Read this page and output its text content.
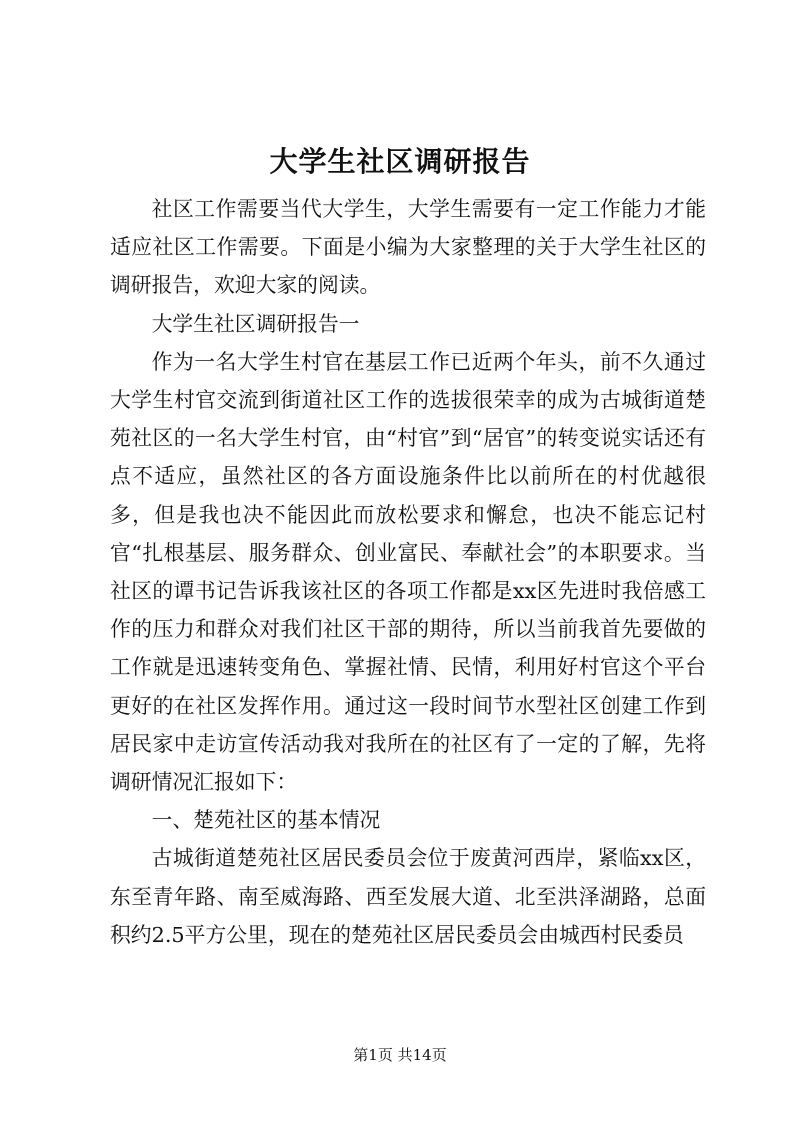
大学生社区调研报告

社区工作需要当代大学生，大学生需要有一定工作能力才能适应社区工作需要。下面是小编为大家整理的关于大学生社区的调研报告，欢迎大家的阅读。

大学生社区调研报告一

作为一名大学生村官在基层工作已近两个年头，前不久通过大学生村官交流到街道社区工作的选拔很荣幸的成为古城街道楚苑社区的一名大学生村官，由“村官”到“居官”的转变说实话还有点不适应，虽然社区的各方面设施条件比以前所在的村优越很多，但是我也决不能因此而放松要求和懈怠，也决不能忘记村官“扎根基层、服务群众、创业富民、奉献社会”的本职要求。当社区的谭书记告诉我该社区的各项工作都是xx区先进时我倍感工作的压力和群众对我们社区干部的期待，所以当前我首先要做的工作就是迅速转变角色、掌握社情、民情，利用好村官这个平台更好的在社区发挥作用。通过这一段时间节水型社区创建工作到居民家中走访宣传活动我对我所在的社区有了一定的了解，先将调研情况汇报如下：

一、楚苑社区的基本情况

古城街道楚苑社区居民委员会位于废黄河西岸，紧临xx区，东至青年路、南至威海路、西至发展大道、北至洪泽湖路，总面积约2.5平方公里，现在的楚苑社区居民委员会由城西村民委员

第1页 共14页
